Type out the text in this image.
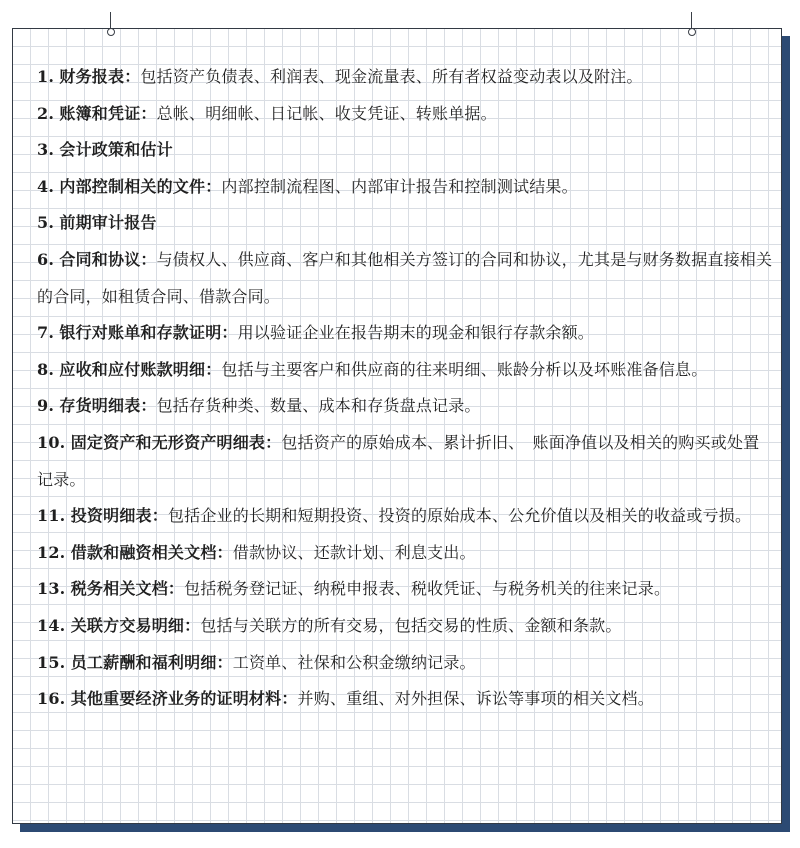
1. 财务报表：包括资产负债表、利润表、现金流量表、所有者权益变动表以及附注。
2. 账簿和凭证：总帐、明细帐、日记帐、收支凭证、转账单据。
3. 会计政策和估计
4. 内部控制相关的文件：内部控制流程图、内部审计报告和控制测试结果。
5. 前期审计报告
6. 合同和协议：与债权人、供应商、客户和其他相关方签订的合同和协议，尤其是与财务数据直接相关的合同，如租赁合同、借款合同。
7. 银行对账单和存款证明：用以验证企业在报告期末的现金和银行存款余额。
8. 应收和应付账款明细：包括与主要客户和供应商的往来明细、账龄分析以及坏账准备信息。
9. 存货明细表：包括存货种类、数量、成本和存货盘点记录。
10. 固定资产和无形资产明细表：包括资产的原始成本、累计折旧、　账面净值以及相关的购买或处置记录。
11. 投资明细表：包括企业的长期和短期投资、投资的原始成本、公允价值以及相关的收益或亏损。
12. 借款和融资相关文档：借款协议、还款计划、利息支出。
13. 税务相关文档：包括税务登记证、纳税申报表、税收凭证、与税务机关的往来记录。
14. 关联方交易明细：包括与关联方的所有交易，包括交易的性质、金额和条款。
15. 员工薪酬和福利明细：工资单、社保和公积金缴纳记录。
16. 其他重要经济业务的证明材料：并购、重组、对外担保、诉讼等事项的相关文档。
